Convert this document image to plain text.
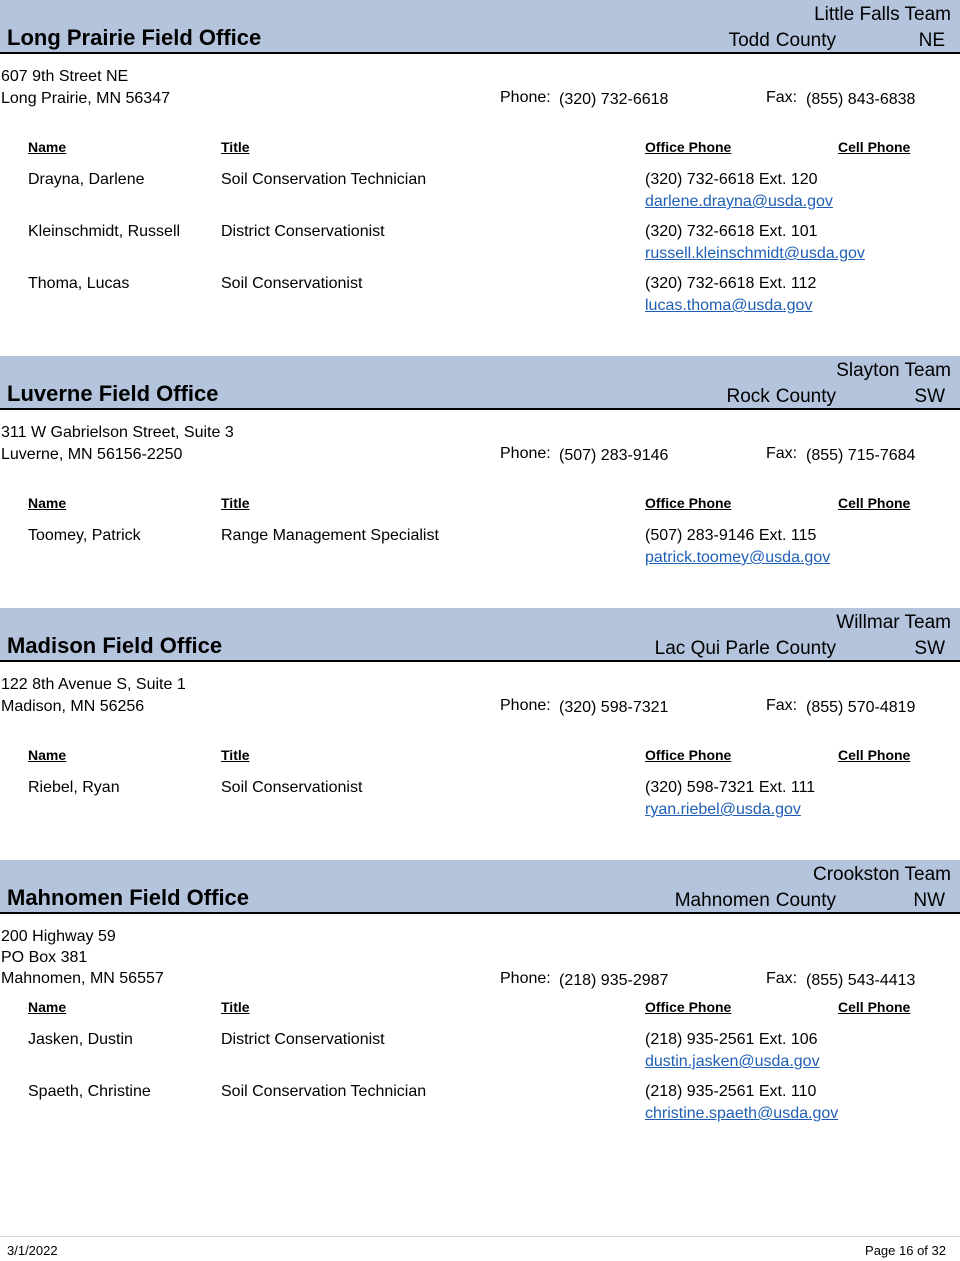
Long Prairie Field Office
Little Falls Team
Todd County	NE
607 9th Street NE
Long Prairie, MN 56347	Phone: (320) 732-6618	Fax: (855) 843-6838
Name	Title	Office Phone	Cell Phone
Drayna, Darlene	Soil Conservation Technician	(320) 732-6618 Ext. 120
darlene.drayna@usda.gov
Kleinschmidt, Russell	District Conservationist	(320) 732-6618 Ext. 101
russell.kleinschmidt@usda.gov
Thoma, Lucas	Soil Conservationist	(320) 732-6618 Ext. 112
lucas.thoma@usda.gov
Luverne Field Office
Slayton Team
Rock County	SW
311 W Gabrielson Street, Suite 3
Luverne, MN 56156-2250	Phone: (507) 283-9146	Fax: (855) 715-7684
Name	Title	Office Phone	Cell Phone
Toomey, Patrick	Range Management Specialist	(507) 283-9146 Ext. 115
patrick.toomey@usda.gov
Madison Field Office
Willmar Team
Lac Qui Parle County	SW
122 8th Avenue S, Suite 1
Madison, MN 56256	Phone: (320) 598-7321	Fax: (855) 570-4819
Name	Title	Office Phone	Cell Phone
Riebel, Ryan	Soil Conservationist	(320) 598-7321 Ext. 111
ryan.riebel@usda.gov
Mahnomen Field Office
Crookston Team
Mahnomen County	NW
200 Highway 59
PO Box 381
Mahnomen, MN 56557	Phone: (218) 935-2987	Fax: (855) 543-4413
Name	Title	Office Phone	Cell Phone
Jasken, Dustin	District Conservationist	(218) 935-2561 Ext. 106
dustin.jasken@usda.gov
Spaeth, Christine	Soil Conservation Technician	(218) 935-2561 Ext. 110
christine.spaeth@usda.gov
3/1/2022	Page 16 of 32
